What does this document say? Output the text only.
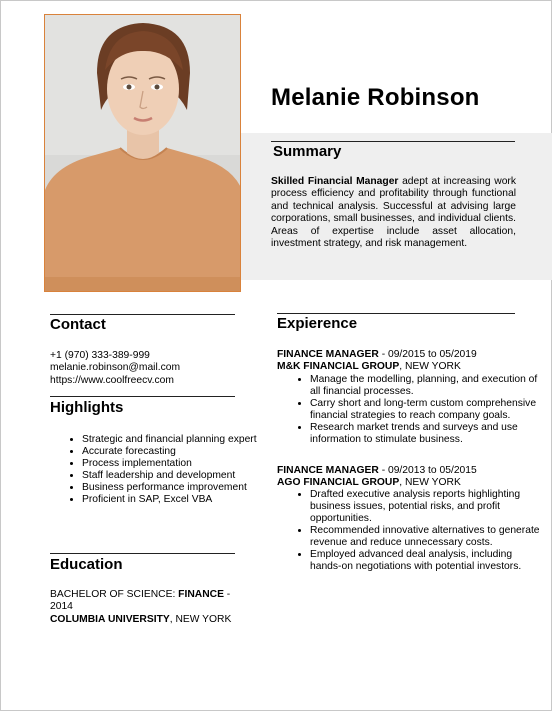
Melanie Robinson
Summary
Skilled Financial Manager adept at increasing work process efficiency and profitability through functional and technical analysis. Successful at advising large corporations, small businesses, and individual clients. Areas of expertise include asset allocation, investment strategy, and risk management.
Contact
+1 (970) 333-389-999
melanie.robinson@mail.com
https://www.coolfreecv.com
Highlights
• Strategic and financial planning expert
• Accurate forecasting
• Process implementation
• Staff leadership and development
• Business performance improvement
• Proficient in SAP, Excel VBA
Education
BACHELOR OF SCIENCE: FINANCE - 2014
COLUMBIA UNIVERSITY, NEW YORK
Expierence
FINANCE MANAGER - 09/2015 to 05/2019
M&K FINANCIAL GROUP, NEW YORK
• Manage the modelling, planning, and execution of all financial processes.
• Carry short and long-term custom comprehensive financial strategies to reach company goals.
• Research market trends and surveys and use information to stimulate business.
FINANCE MANAGER - 09/2013 to 05/2015
AGO FINANCIAL GROUP, NEW YORK
• Drafted executive analysis reports highlighting business issues, potential risks, and profit opportunities.
• Recommended innovative alternatives to generate revenue and reduce unnecessary costs.
• Employed advanced deal analysis, including hands-on negotiations with potential investors.
